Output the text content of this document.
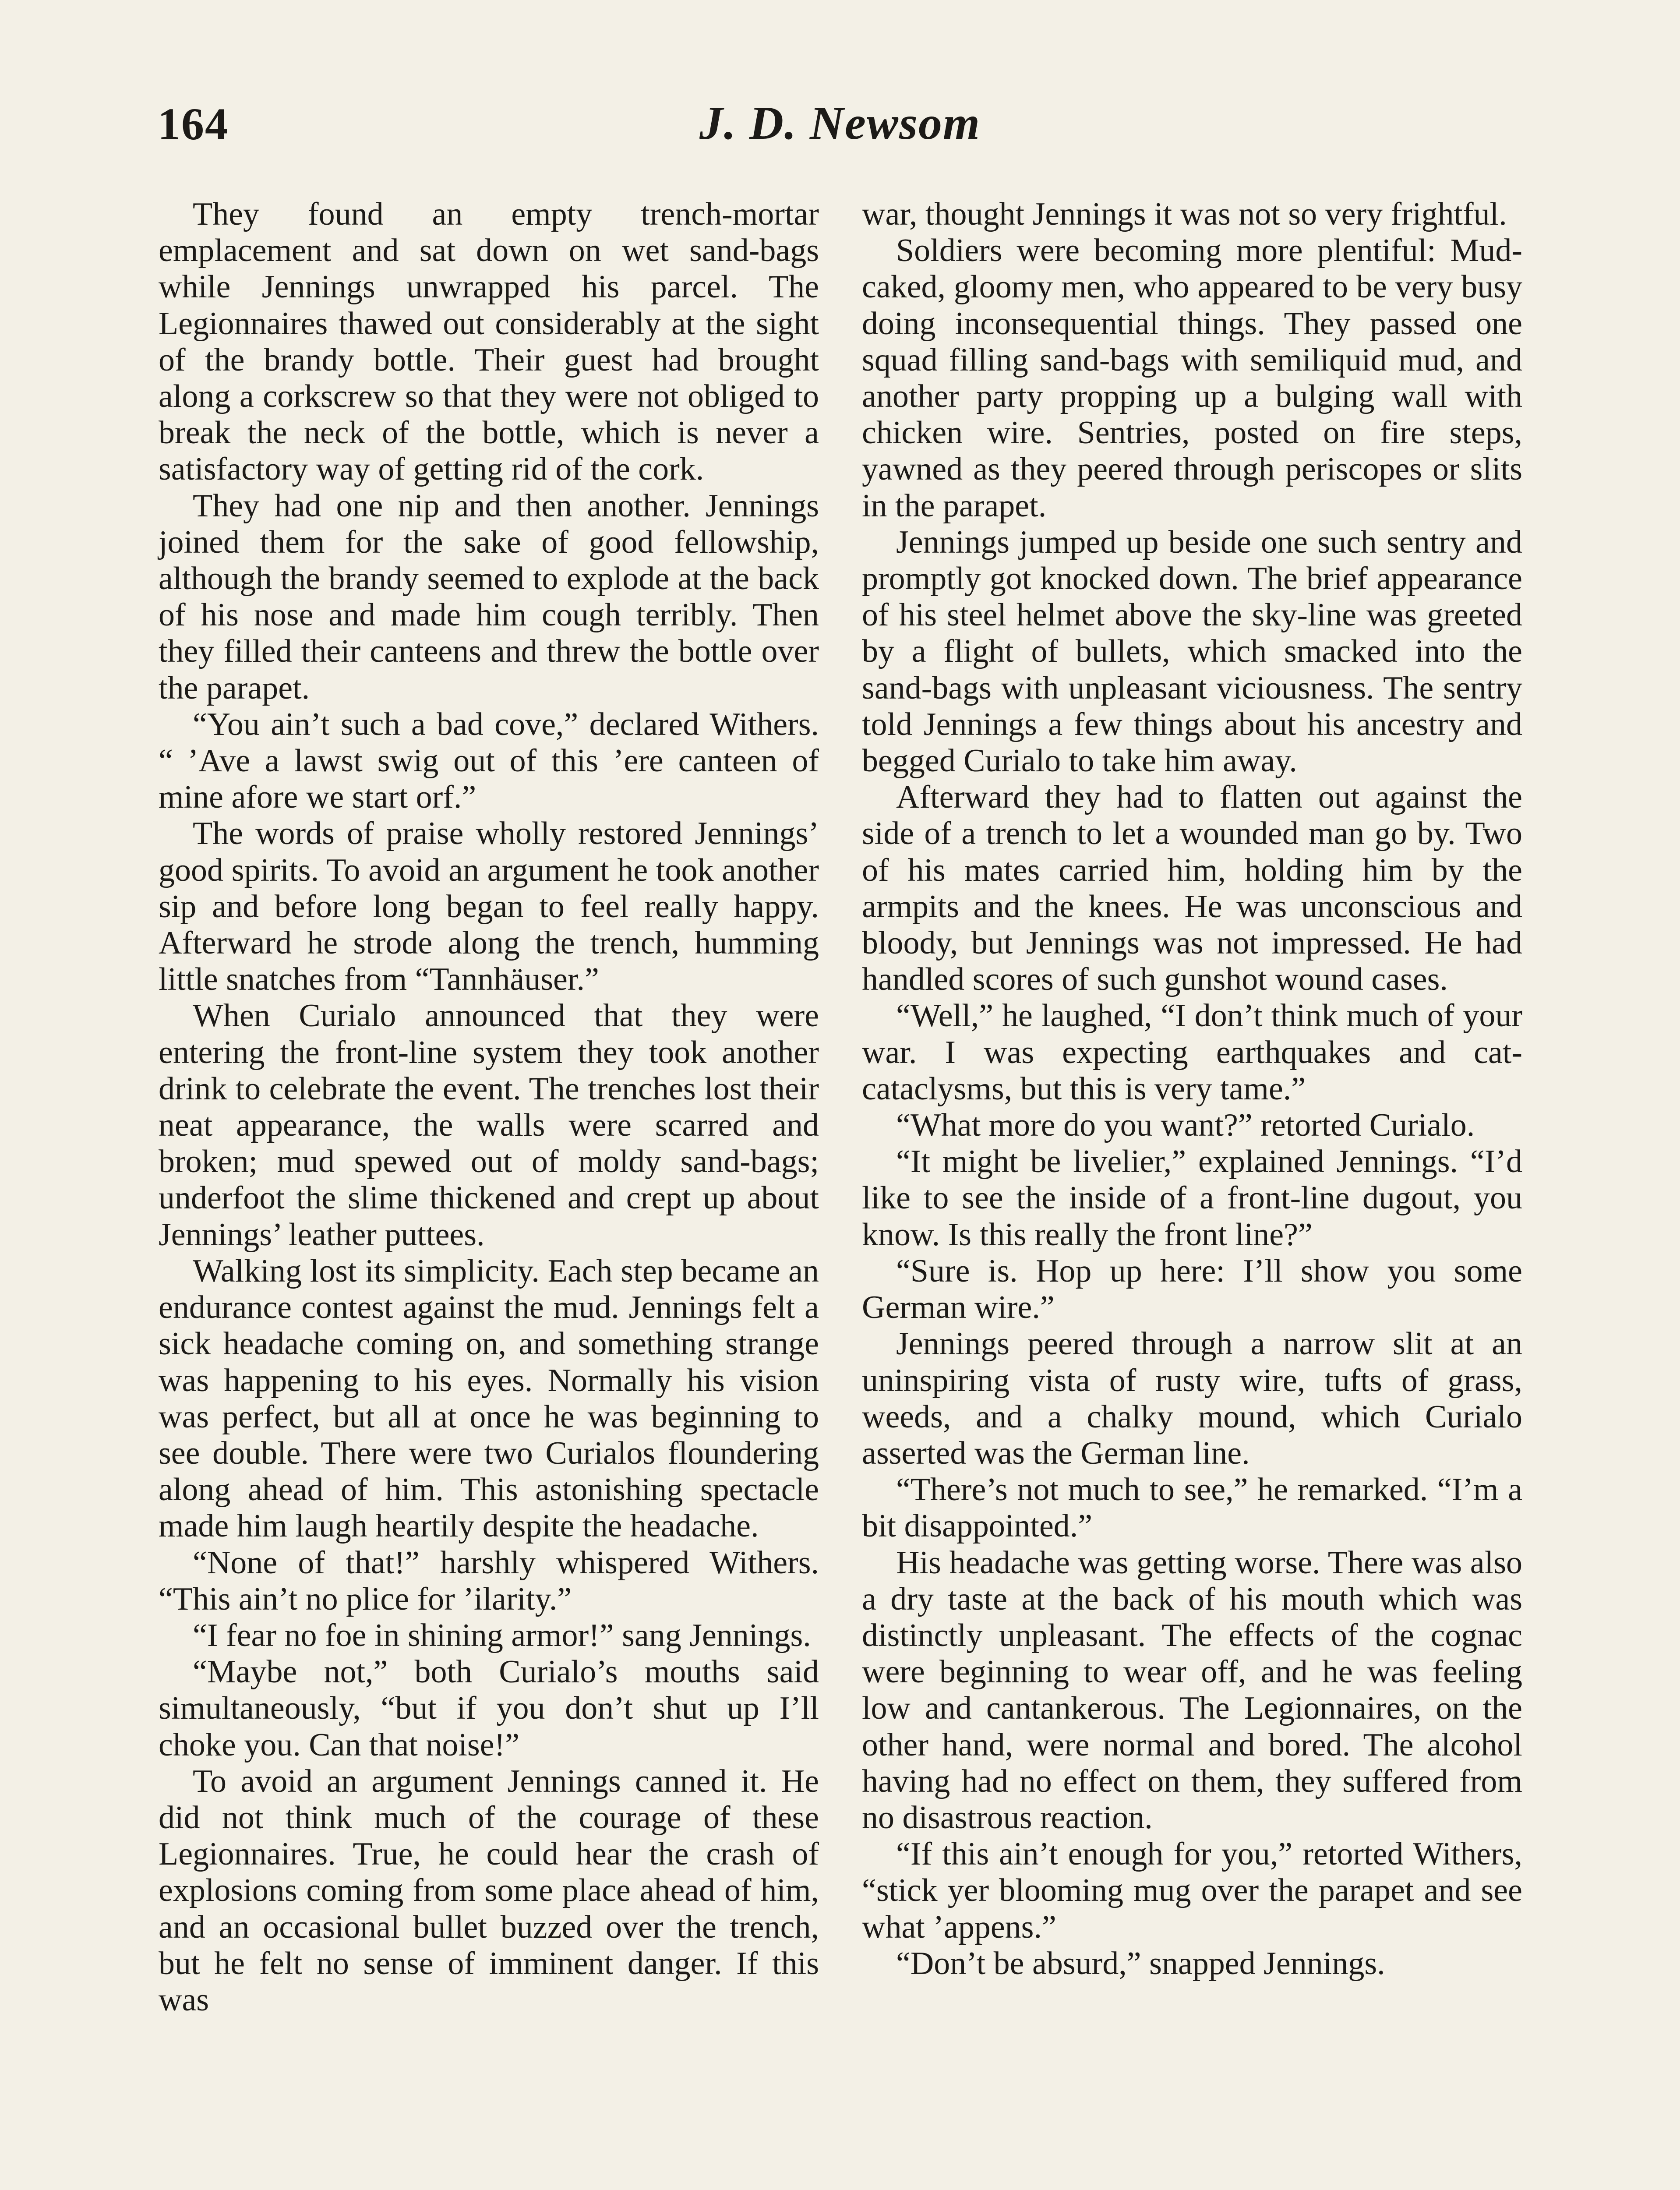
164	J. D. Newsom

They found an empty trench-mortar emplacement and sat down on wet sand-bags while Jennings unwrapped his parcel. The Legionnaires thawed out considerably at the sight of the brandy bottle. Their guest had brought along a corkscrew so that they were not obliged to break the neck of the bottle, which is never a satisfactory way of getting rid of the cork.

They had one nip and then another. Jennings joined them for the sake of good fellowship, although the brandy seemed to explode at the back of his nose and made him cough terribly. Then they filled their canteens and threw the bottle over the parapet.

“You ain’t such a bad cove,” declared Withers. “ ’Ave a lawst swig out of this ’ere canteen of mine afore we start orf.”

The words of praise wholly restored Jennings’ good spirits. To avoid an argument he took another sip and before long began to feel really happy. Afterward he strode along the trench, humming little snatches from “Tannhäuser.”

When Curialo announced that they were entering the front-line system they took another drink to celebrate the event. The trenches lost their neat appearance, the walls were scarred and broken; mud spewed out of moldy sand-bags; underfoot the slime thickened and crept up about Jennings’ leather puttees.

Walking lost its simplicity. Each step became an endurance contest against the mud. Jennings felt a sick headache coming on, and something strange was happening to his eyes. Normally his vision was perfect, but all at once he was beginning to see double. There were two Curialos floundering along ahead of him. This astonishing spectacle made him laugh heartily despite the headache.

“None of that!” harshly whispered Withers. “This ain’t no plice for ’ilarity.”

“I fear no foe in shining armor!” sang Jennings.

“Maybe not,” both Curialo’s mouths said simultaneously, “but if you don’t shut up I’ll choke you. Can that noise!”

To avoid an argument Jennings canned it. He did not think much of the courage of these Legionnaires. True, he could hear the crash of explosions coming from some place ahead of him, and an occasional bullet buzzed over the trench, but he felt no sense of imminent danger. If this was

war, thought Jennings it was not so very frightful.

Soldiers were becoming more plentiful: Mud-caked, gloomy men, who appeared to be very busy doing inconsequential things. They passed one squad filling sand-bags with semiliquid mud, and another party propping up a bulging wall with chicken wire. Sentries, posted on fire steps, yawned as they peered through periscopes or slits in the parapet.

Jennings jumped up beside one such sentry and promptly got knocked down. The brief appearance of his steel helmet above the sky-line was greeted by a flight of bullets, which smacked into the sand-bags with unpleasant viciousness. The sentry told Jennings a few things about his ancestry and begged Curialo to take him away.

Afterward they had to flatten out against the side of a trench to let a wounded man go by. Two of his mates carried him, holding him by the armpits and the knees. He was unconscious and bloody, but Jennings was not impressed. He had handled scores of such gunshot wound cases.

“Well,” he laughed, “I don’t think much of your war. I was expecting earthquakes and cat-cataclysms, but this is very tame.”

“What more do you want?” retorted Curialo.

“It might be livelier,” explained Jennings. “I’d like to see the inside of a front-line dugout, you know. Is this really the front line?”

“Sure is. Hop up here: I’ll show you some German wire.”

Jennings peered through a narrow slit at an uninspiring vista of rusty wire, tufts of grass, weeds, and a chalky mound, which Curialo asserted was the German line.

“There’s not much to see,” he remarked. “I’m a bit disappointed.”

His headache was getting worse. There was also a dry taste at the back of his mouth which was distinctly unpleasant. The effects of the cognac were beginning to wear off, and he was feeling low and cantankerous. The Legionnaires, on the other hand, were normal and bored. The alcohol having had no effect on them, they suffered from no disastrous reaction.

“If this ain’t enough for you,” retorted Withers, “stick yer blooming mug over the parapet and see what ’appens.”

“Don’t be absurd,” snapped Jennings.
